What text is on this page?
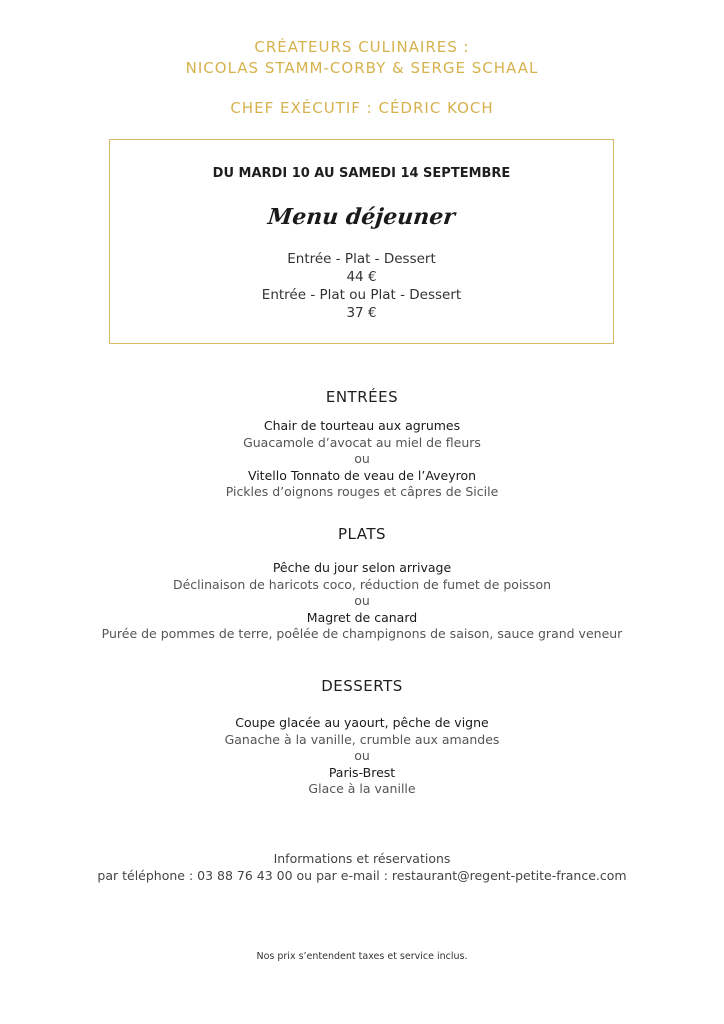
CRÉATEURS CULINAIRES :
NICOLAS STAMM-CORBY & SERGE SCHAAL
CHEF EXÉCUTIF : CÉDRIC KOCH
DU MARDI 10 AU SAMEDI 14 SEPTEMBRE
Menu déjeuner
Entrée - Plat - Dessert
44 €
Entrée - Plat ou Plat - Dessert
37 €
ENTRÉES
Chair de tourteau aux agrumes
Guacamole d’avocat au miel de fleurs
ou
Vitello Tonnato de veau de l’Aveyron
Pickles d’oignons rouges et câpres de Sicile
PLATS
Pêche du jour selon arrivage
Déclinaison de haricots coco, réduction de fumet de poisson
ou
Magret de canard
Purée de pommes de terre, poêlée de champignons de saison, sauce grand veneur
DESSERTS
Coupe glacée au yaourt, pêche de vigne
Ganache à la vanille, crumble aux amandes
ou
Paris-Brest
Glace à la vanille
Informations et réservations
par téléphone : 03 88 76 43 00 ou par e-mail : restaurant@regent-petite-france.com
Nos prix s’entendent taxes et service inclus.
